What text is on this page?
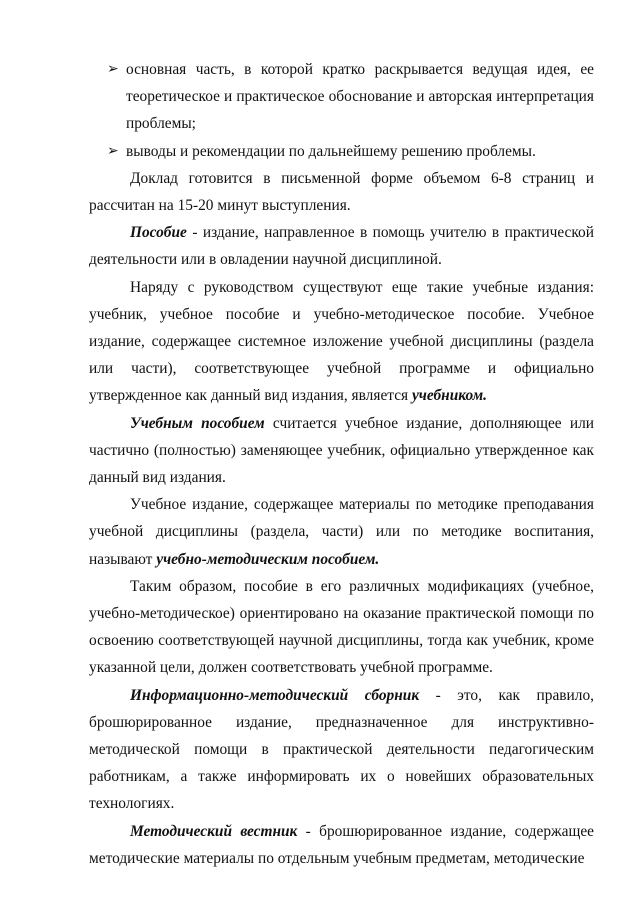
➢ основная часть, в которой кратко раскрывается ведущая идея, ее теоретическое и практическое обоснование и авторская интерпретация проблемы;

➢ выводы и рекомендации по дальнейшему решению проблемы.

Доклад готовится в письменной форме объемом 6-8 страниц и рассчитан на 15-20 минут выступления.

Пособие - издание, направленное в помощь учителю в практической деятельности или в овладении научной дисциплиной.

Наряду с руководством существуют еще такие учебные издания: учебник, учебное пособие и учебно-методическое пособие. Учебное издание, содержащее системное изложение учебной дисциплины (раздела или части), соответствующее учебной программе и официально утвержденное как данный вид издания, является учебником.

Учебным пособием считается учебное издание, дополняющее или частично (полностью) заменяющее учебник, официально утвержденное как данный вид издания.

Учебное издание, содержащее материалы по методике преподавания учебной дисциплины (раздела, части) или по методике воспитания, называют учебно-методическим пособием.

Таким образом, пособие в его различных модификациях (учебное, учебно-методическое) ориентировано на оказание практической помощи по освоению соответствующей научной дисциплины, тогда как учебник, кроме указанной цели, должен соответствовать учебной программе.

Информационно-методический сборник - это, как правило, брошюрированное издание, предназначенное для инструктивно-методической помощи в практической деятельности педагогическим работникам, а также информировать их о новейших образовательных технологиях.

Методический вестник - брошюрированное издание, содержащее методические материалы по отдельным учебным предметам, методические
